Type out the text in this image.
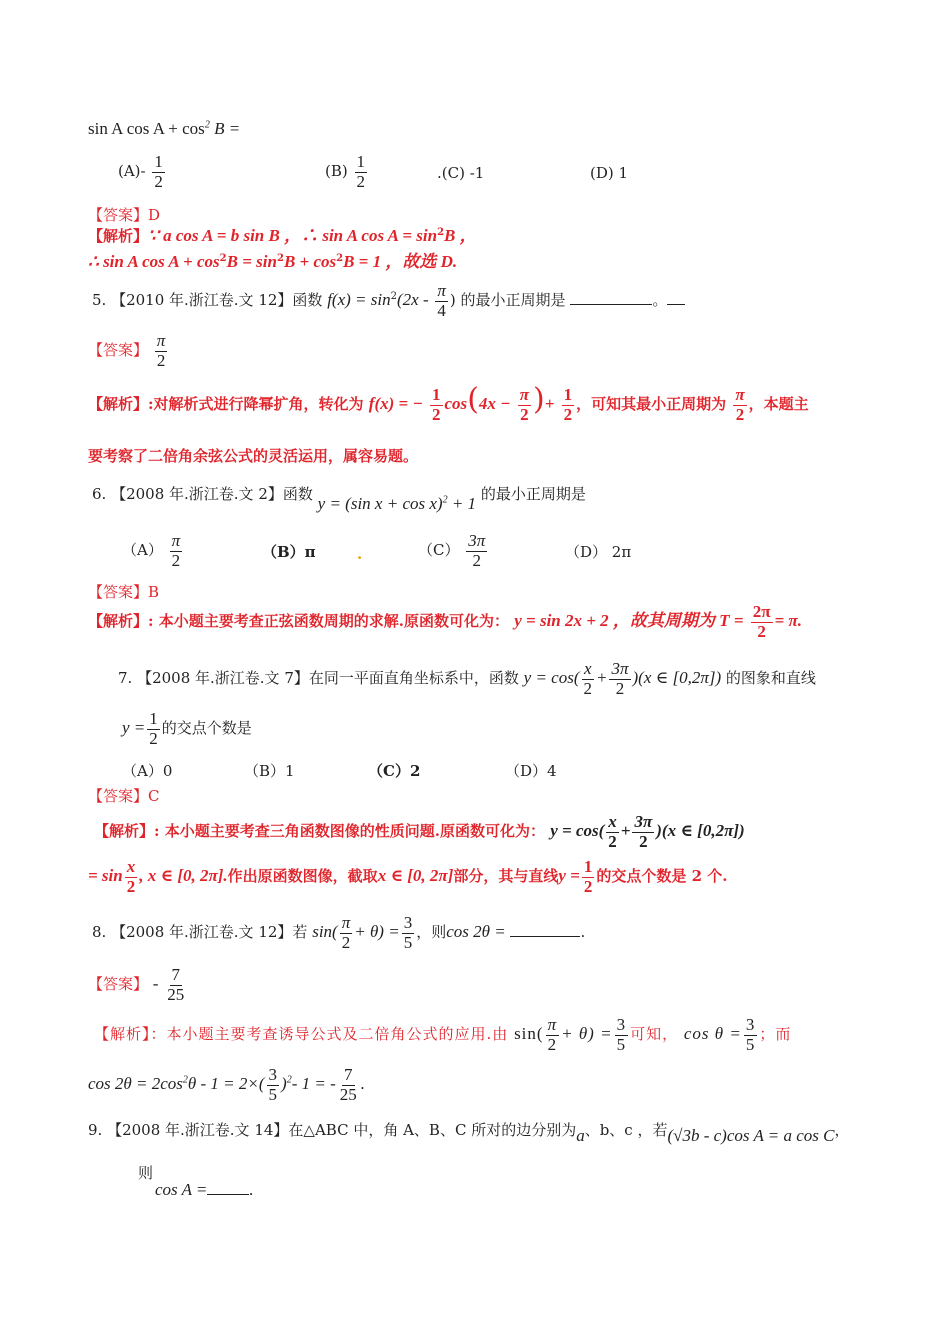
sin A $\cos A + \cos^2 B$ =
$(A)- \frac{1}{2}$	$(B) \frac{1}{2}$	.(C) -1	(D) 1
【答案】D
【解析】∵ a cos A = b sin B ，∴ sin A $\cos A = \sin^2B$ ，
∴ sin A $\cos A + \cos^2B = \sin^2B + \cos^2B = 1$ ，故选 D.
5. 【2010 年.浙江卷.文 12】函数 $f(x) = \sin^2(2x - \frac{\pi}{4}$ ) 的最小正周期是	。
【答案】 $\frac{\pi}{2}$
【解析】:对解析式进行降幂扩角，转化为 f(x) = − $\frac{1}{2} \cos(4x - \frac{\pi}{2}$ )+ $\frac{1}{2}$ ，可知其最小正周期为 $\frac{\pi}{2}$ ，本题主
要考察了二倍角余弦公式的灵活运用，属容易题。
6. 【2008 年.浙江卷.文 2】函数 y = (sin x + cos x)$^2$ + 1 的最小正周期是
$(A) \frac{\pi}{2}$	（B）π	.	$(C) \frac{3\pi}{2}$	（D） 2π
【答案】B
【解析】: 本小题主要考查正弦函数周期的求解.原函数可化为： y = sin 2x + 2 ，故其周期为 $T = \frac{2\pi}{2} = \pi$.
7. 【2008 年.浙江卷.文 7】在同一平面直角坐标系中，函数 $y = \cos( \frac{x}{2} + \frac{3\pi}{2} )(x$ ∈ [0,2π]) 的图象和直线
$y = \frac{1}{2}$ 的交点个数是
（A）0	（B）1	（C）2	（D）4
【答案】C
【解析】: 本小题主要考查三角函数图像的性质问题.原函数可化为： $y = \cos( \frac{x}{2} + \frac{3\pi}{2} )(x$ ∈ [0,2π])
= $\sin \frac{x}{2}$ , x ∈ [0, 2π].作出原函数图像，截取x ∈ [0, 2π]部分，其与直线$y = \frac{1}{2}$ 的交点个数是 2 个.
8. 【2008 年.浙江卷.文 12】若 $\sin( \frac{\pi}{2} + \theta) = \frac{3}{5}$ ，则cos 2θ =	.
【答案】 - $\frac{7}{25}$
【解析】：本小题主要考查诱导公式及二倍角公式的应用.由 $\sin( \frac{\pi}{2} + \theta) = \frac{3}{5}$ 可知， $\cos \theta = \frac{3}{5}$ ；而
$\cos 2\theta = 2\cos^2\theta - 1 = 2\times( \frac{3}{5} )^2-$ 1 = - $\frac{7}{25}$ .
9. 【2008 年.浙江卷.文 14】在△ABC 中，角 A、B、C 所对的边分别为a、b、c ，若(√3b - c)cos A = a cos C，
则
cos A = .
